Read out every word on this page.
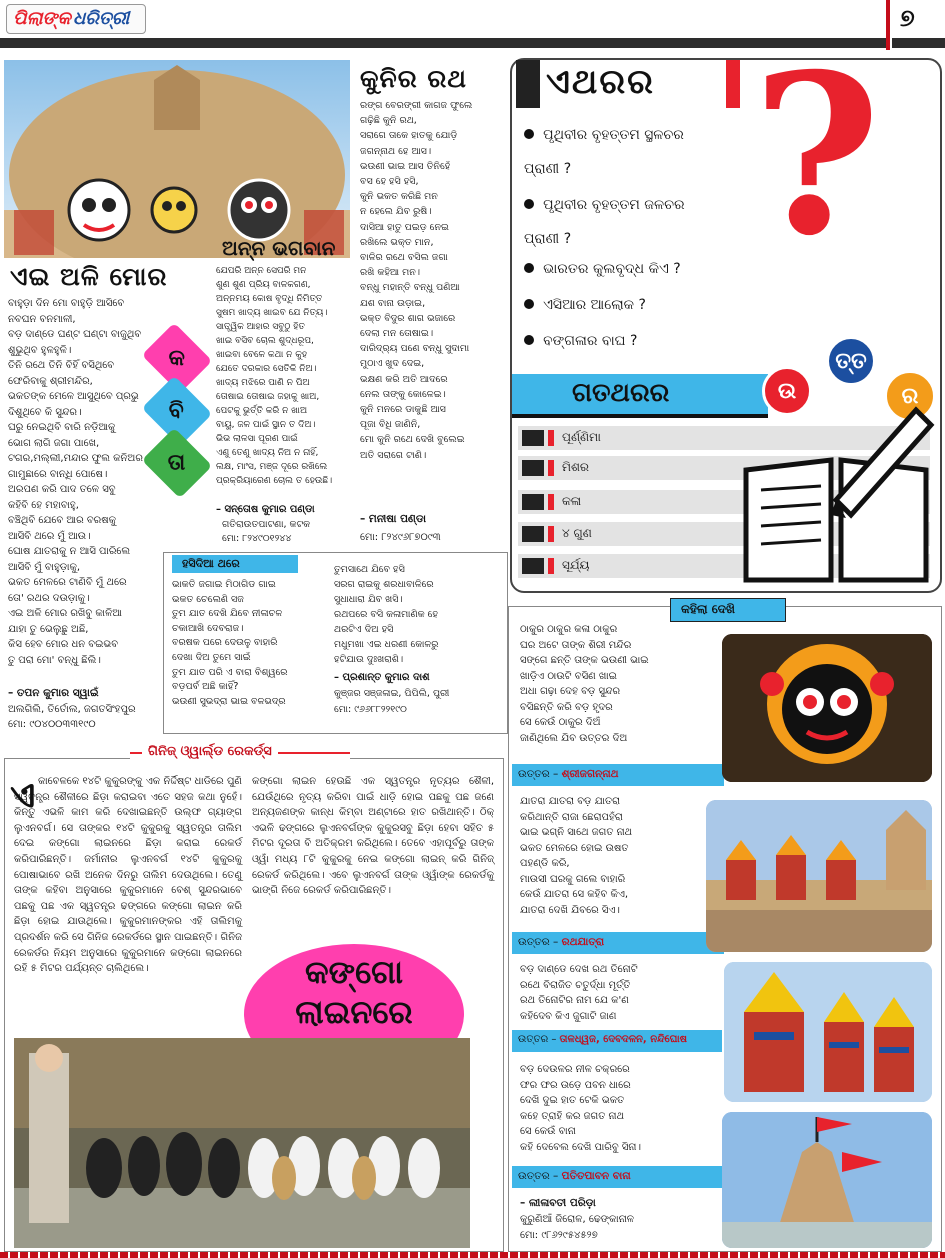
ପିଲାଙ୍କ ଧରିତ୍ରୀ	୭
ଏଇ ଅଳି ମୋର
ବାହୁଡ଼ା ଦିନ ମୋ ବାହୁଡ଼ି ଆସିବେ
ନବଘନ ବନମାଳୀ,
ବଡ଼ ଦାଣ୍ଡେ ଘଣ୍ଟ ଘଣ୍ଟା ବାଜୁଥିବ
ଶୁଭୁଥିବ ହୁଳହୁଳି।
ତିନି ରଥେ ତିନି ବିହିଁ ବସିଥିବେ
ଫେରିବାକୁ ଶ୍ରୀମନ୍ଦିର,
ଭକତଙ୍କ ମେଳେ ଆସୁଥିବେ ପ୍ରଭୁ
ଦିଶୁଥିବେ କି ସୁନ୍ଦର।
ଘରୁ ନେଇଥିବି ବାରି ନଡ଼ିଆକୁ
ଭୋଗ ଲାଗି ଜଗା ପାଖେ,
ଟଗର,ମଲ୍ଲୀ,ମନ୍ଦାର ଫୁଲ କନିଅର
ଗାମୁଛାରେ ବାନ୍ଧି ପୋଷେ।
ଅରପଣ କରି ପାଦ ତଳେ ସବୁ
କହିବି ହେ ମହାବାହୁ,
ବଞ୍ଚିଥିବି ଯେବେ ଆର ବରଷକୁ
ଆସିବି ଥରେ ମୁଁ ଆଉ।
ଘୋଷ ଯାତରାକୁ ନ ଆସି ପାରିଲେ
ଆସିବି ମୁଁ ବାହୁଡ଼ାକୁ,
ଭକତ ମେଳରେ ଟାଣିବି ମୁଁ ଥରେ
ତୋ' ରଥର ଦଉଡ଼ାକୁ।
ଏଇ ଅଳି ମୋର ରଖିବୁ କାଳିଆ
ଯାହା ତୁ ଭେଲୁଛୁ ଅଛି,
କିସ ହେବ ମୋର ଧନ ବଇଭବ
ତୁ ପରା ମୋ' ବନ୍ଧୁ ଛିଲି।
– ତପନ କୁମାର ସ୍ୱାଇଁ
ଅଲଗିଲି, ତିର୍ତୋଲ, ଜଗତସିଂହପୁର
ମୋ: ୯୦୪୦୦୩୩୧୯୦
କ
ବି
ତା
ଅନ୍ନ ଭଗବାନ
ଯେପରି ଅନ୍ନ ସେପରି ମନ
ଶୁଣ ଶୁଣ ପ୍ରିୟ ବାଳକଗଣ,
ଅନ୍ନମୟ କୋଷ ବୃଦ୍ଧି ନିମିତ୍ତ
ସୁଷମ ଖାଦ୍ୟ ଖାଇବ ଯେ ନିତ୍ୟ।
ସାତ୍ତ୍ୱିକ ଆହାର ସବୁଠୁ ହିତ
ଖାଇ ବସିବ ଚୋଲ ଶୁଦ୍ଧରୂପ,
ଖାଇବା ବେଳେ କଥା ନ କୁହ
ଯେତେ ଦରକାର ସେତିକି ନିଅ।
ଖାଦ୍ୟ ମଝିରେ ପାଣି ନ ପିଅ
ତୋଷାଇ ତୋଷାଇ ଜହାକୁ ଖାଅ,
ପେଟକୁ ଭୁର୍ତ୍ତି କରି ନ ଖାଅ
ବାୟୁ, ଜଳ ପାଇଁ ସ୍ଥାନ ତ ଦିଅ।
ଭିଭ ଲାଳସା ପୂରଣ ପାଇଁ
ଏଣୁ ତେଣୁ ଖାଦ୍ୟ ନିଅ ନ ନାହିଁ,
ଲକ୍ଷ, ମାଂସ, ମଞ୍ଜ ଦୂରେ ରଖିଲେ
ପ୍ରକ୍ରିୟାରେଣ ଚୋଲ ତ ହେଉଛି।
– ସନ୍ତୋଷ କୁମାର ପଣ୍ଡା
ଗତିରାଉତପାଟଣା, କଟକ
ମୋ: ୮୨୪୯୦୧୨୪୪
କୁନିର ରଥ
ରଙ୍ଗ ବେରଙ୍ଗୀ କାଗଜ ଫୁଲେ
ଗଢ଼ିଛି କୁନି ରଥ,
ସରାଗେ ତାକେ ହାତକୁ ଯୋଡ଼ି
ଜଗନ୍ନାଥ ହେ ଆସ।
ଭଉଣୀ ଭାଇ ଆସ ତିନିହେଁ
ବସ ହେ ହସି ହସି,
କୁନି ଭକତ କରିଛି ମନ
ନ ହେଲେ ଯିବ ରୁଷି।
ଦାସିଆ ହାତୁ ପଇଡ଼ ନେଇ
ରଖିଲେ ଭକ୍ତ ମାନ,
ବାଳିର ରଥେ ବସିଲ ଜଗା
ରଖି କହିଆ ମନ।
ବନ୍ଧୁ ମହାନ୍ତି ବନ୍ଧୁ ପଣିଆ
ଯଶ ବାନା ଉଡ଼ାଇ,
ଭକ୍ତ ବିଦୁର ଶାଗ ଭଜାରେ
ଦେଲା ମନ ତୋଷାଇ।
ଦାରିଦ୍ର୍ୟ ପଣେ ବନ୍ଧୁ ସୁଦାମା
ମୁଠାଏ ଖୁଦ ଦେଇ,
ଭକ୍ଷଣ କରି ଅତି ଆଦରେ
ନେଲ ତାଙ୍କୁ କୋଳେଇ।
କୁନି ମନରେ ଡାକୁଛି ଆସ
ପୂଜା ବିଧି ଜାଣିନି,
ମୋ କୁନି ରଥେ ଦେଖି ବୁଲେଇ
ଅତି ସରାଗେ ଟାଣି।
– ମନୀଷା ପଣ୍ଡା
ମୋ: ୮୨୪୯୬୮୭୦୯୩
ହସିଦିଆ ଥରେ
ଭାକତି ଜଗାଇ ମିଠାଗିଡ ଗାଇ
ଭକତ ଚେଲେଣି ସଜ
ତୁମ ଯାତ ଦେଖି ଯିବେ ନୀଳାଚଳ
ଚକାଆଖି ଦେବରାଜ।
ବରଷକ ପରେ ଦେଉଳୁ ବାହାରି
ଦେଖା ଦିଅ ତୁମେ ସାଇଁ
ତୁମ ଯାତ ପରି ଏ ବାରା ବିଶ୍ୱରେ
ବଡ଼ପର୍ବ ଅଛି କାହିଁ?
ଭଉଣୀ ସୁଭଦ୍ରା ଭାଇ ବଳଭଦ୍ର
ତୁମସାଥେ ଯିବେ ହସି
ସରଗ ରାଇକୁ ଶରଧାବାଳିରେ
ସୁଧାଧାରା ଯିବ ଖସି।
ରଥପରେ ବସି କଳାମାଣିକ ହେ
ଥରଟିଏ ଦିଅ ହସି
ମଧୁମଖା ଏଇ ଧରଣୀ କୋଳରୁ
ହଟିଯାଉ ଦୁଃଖରାଶି।
– ପ୍ରଶାନ୍ତ କୁମାର ଦାଶ
କୁଞ୍ଜର ସଞ୍ଜଳାଇ, ପିପିଲି, ପୁରୀ
ମୋ: ୯୬୬୮୮୨୨୧୯୦
ଗିନିଜ୍ ଓ୍ୱାର୍ଲ୍ଡ ରେକର୍ଡ୍ସ
ଏ କାବେଳକେ ୧୪ଟି କୁକୁରଙ୍କୁ ଏକ ନିର୍ଦ୍ଦିଷ୍ଟ ଧାଡିରେ ପୁଣି ସ୍ୱତନ୍ତ୍ର ଶୈଳୀରେ ଛିଡ଼ା କରାଇବା ଏତେ ସହଜ କଥା ନୁହେଁ। କିନ୍ତୁ ଏଭଳି କାମ କରି ଦେଖାଇଛନ୍ତି ଉଲ୍ଫ ଗ୍ୟାଙ୍ଗ ଲୁଏନବର୍ଗ। ସେ ତାଙ୍କର ୧୪ଟି କୁକୁରକୁ ସ୍ୱତନ୍ତ୍ର ତାଲିମ ଦେଇ କଙ୍ଗୋ ଲାଇନରେ ଛିଡ଼ା କରାଇ ରେକର୍ଡ କରିପାରିଛନ୍ତି। ଜର୍ମାନୀର ଲୁଏନବର୍ଗ ୧୪ଟି କୁକୁରକୁ ପୋଷାଭାବେ ରଖି ଅନେକ ଦିନରୁ ତାଲିମ ଦେଉଥିଲେ। ତେଣୁ ତାଙ୍କ କହିବା ଅନୁସାରେ କୁକୁରମାନେ ବେଶ୍ ସୁନ୍ଦରଭାବେ ପଛକୁ ପଛ ଏକ ସ୍ୱତନ୍ତ୍ର ଢଙ୍ଗରେ କଙ୍ଗୋ ଲାଇନ କରି ଛିଡ଼ା ହୋଇ ଯାଉଥିଲେ। କୁକୁରମାନଙ୍କର ଏହି ତାଲିମକୁ ପ୍ରଦର୍ଶନ କରି ସେ ଗିନିଜ ରେକର୍ଡରେ ସ୍ଥାନ ପାଇଛନ୍ତି। ଗିନିଜ ରେକର୍ଡର ନିୟମ ଅନୁସାରେ କୁକୁରମାନେ କଙ୍ଗୋ ଲାଇନରେ ରହି ୫ ମିଟର ପର୍ଯ୍ୟନ୍ତ ଚାଲିଥିଲେ।
କଙ୍ଗୋ ଲାଇନ ହେଉଛି ଏକ ସ୍ୱତନ୍ତ୍ର ନୃତ୍ୟର ଶୈଳୀ, ଯେଉଁଥିରେ ନୃତ୍ୟ କରିବା ପାଇଁ ଧାଡ଼ି ହୋଇ ପଛକୁ ପଛ ଜଣେ ଅନ୍ୟଜଣଙ୍କ କାନ୍ଧ କିମ୍ବା ଅଣ୍ଟାରେ ହାତ ରଖିଥାନ୍ତି। ଠିକ୍ ଏଭଳି ଢଙ୍ଗରେ ଲୁଏନବର୍ଗଙ୍କ କୁକୁରସବୁ ଛିଡ଼ା ହେବା ସହିତ ୫ ମିଟର ଦୂରତା ବି ଅତିକ୍ରମ କରିଥିଲେ। ତେବେ ଏହାପୂର୍ବରୁ ତାଙ୍କ ଓ୍ୱାଁ ମଧ୍ୟ ୮ଟି କୁକୁରକୁ ନେଇ କଙ୍ଗୋ ଲାଇନ୍ କରି ଗିନିଜ୍ ରେକର୍ଡ କରିଥିଲେ। ଏବେ ଲୁଏନବର୍ଗ ତାଙ୍କ ଓ୍ୱାଁଙ୍କ ରେକର୍ଡକୁ ଭାଙ୍ଗି ନିଜେ ରେକର୍ଡ କରିପାରିଛନ୍ତି।
କଙ୍ଗୋ
ଲାଇନରେ
ଏଥରର ?
ପୃଥିବୀର ବୃହତ୍ତମ ସ୍ଥଳଚର
ପ୍ରାଣୀ ?
ପୃଥିବୀର ବୃହତ୍ତମ ଜଳଚର
ପ୍ରାଣୀ ?
ଭାରତର କୁଲବୃଦ୍ଧ କିଏ ?
ଏସିଆର ଆଲୋକ ?
ବଙ୍ଗଳାର ବାଘ ?
ଗତଥରର	ଉ
ତ୍ତ
ର
ପୂର୍ଣ୍ଣିମା
ମିଶର
କଳା
୪ ଗୁଣ
ସୂର୍ଯ୍ୟ
କହିଲା ଦେଖି
ଠାକୁର ଠାକୁର କଳା ଠାକୁର
ଘର ଅଟେ ତାଙ୍କ ଶିରୀ ମନ୍ଦିର
ସଙ୍ଗେ ଛନ୍ତି ତାଙ୍କ ଭଉଣୀ ଭାଇ
ଖାଡ଼ିଏ ଠାଉଟି ବସିଣ ଖାଇ
ଅଧା ଗଢ଼ା ଦେହ ବଡ଼ ସୁନ୍ଦର
ବସିଛନ୍ତି କରି ବଡ଼ ହୃଦର
ସେ କେଉଁ ଠାକୁର ଦିଅଁ
ଜାଣିଥିଲେ ଯିବ ଉତ୍ତର ଦିଅ
ଉତ୍ତର – ଶ୍ରୀଜଗନ୍ନାଥ
ଯାତରା ଯାତରା ବଡ଼ ଯାତରା
କରିଥାନ୍ତି ରାଜା ଛେରାପହଁରା
ଭାଇ ଭଗ୍ନି ସାଥେ ଜଗତ ନାଥ
ଭକତ ମେଳରେ ହୋଇ ଉଷତ
ପହଣ୍ଡି କରି,
ମାଉସୀ ଘରକୁ ଗଲେ ବାହାରି
କେଉଁ ଯାତରା ସେ କହିବ କିଏ,
ଯାତରା ଦେଖି ଯିବରେ ସିଏ।
ଉତ୍ତର – ରଥଯାତ୍ରା
ବଡ଼ ଦାଣ୍ଡେ ଦେଖ ରଥ ତିନୋଟି
ରଥେ ବିରାଜିତ ଚତୁର୍ଦ୍ଧା ମୂର୍ତ୍ତି
ରଥ ତିନୋଟିର ନାମ ଯେ କ'ଣ
କହିଦେବ କିଏ ଜୁଗାଟି ଜାଣ
ଉତ୍ତର – ତାଳଧ୍ୱଜ, ଦେବଦଳନ, ନନ୍ଦିଘୋଷ
ବଡ଼ ଦେଉଳର ନୀଳ ଚକ୍ରରେ
ଫର ଫର ଉଡ଼େ ପବନ ଧାରେ
ଦେଖି ଦୁଇ ହାତ ଟେକି ଭକତ
କହେ ତ୍ରାହି କର ଜଗତ ନାଥ
ସେ କେଉଁ ବାନା
କହି ଦେବେଲ ଦେଖି ପାରିବୁ ସିନା।
ଉତ୍ତର – ପତିତପାବନ ବାନା
– ଲୀଳାବତୀ ପରିଡ଼ା
କୁରୁଣିଆଁ ଜିରୋଳ, ଢେଙ୍କାନାଳ
ମୋ: ୯୮୬୨୯୫୪୫୨୭
